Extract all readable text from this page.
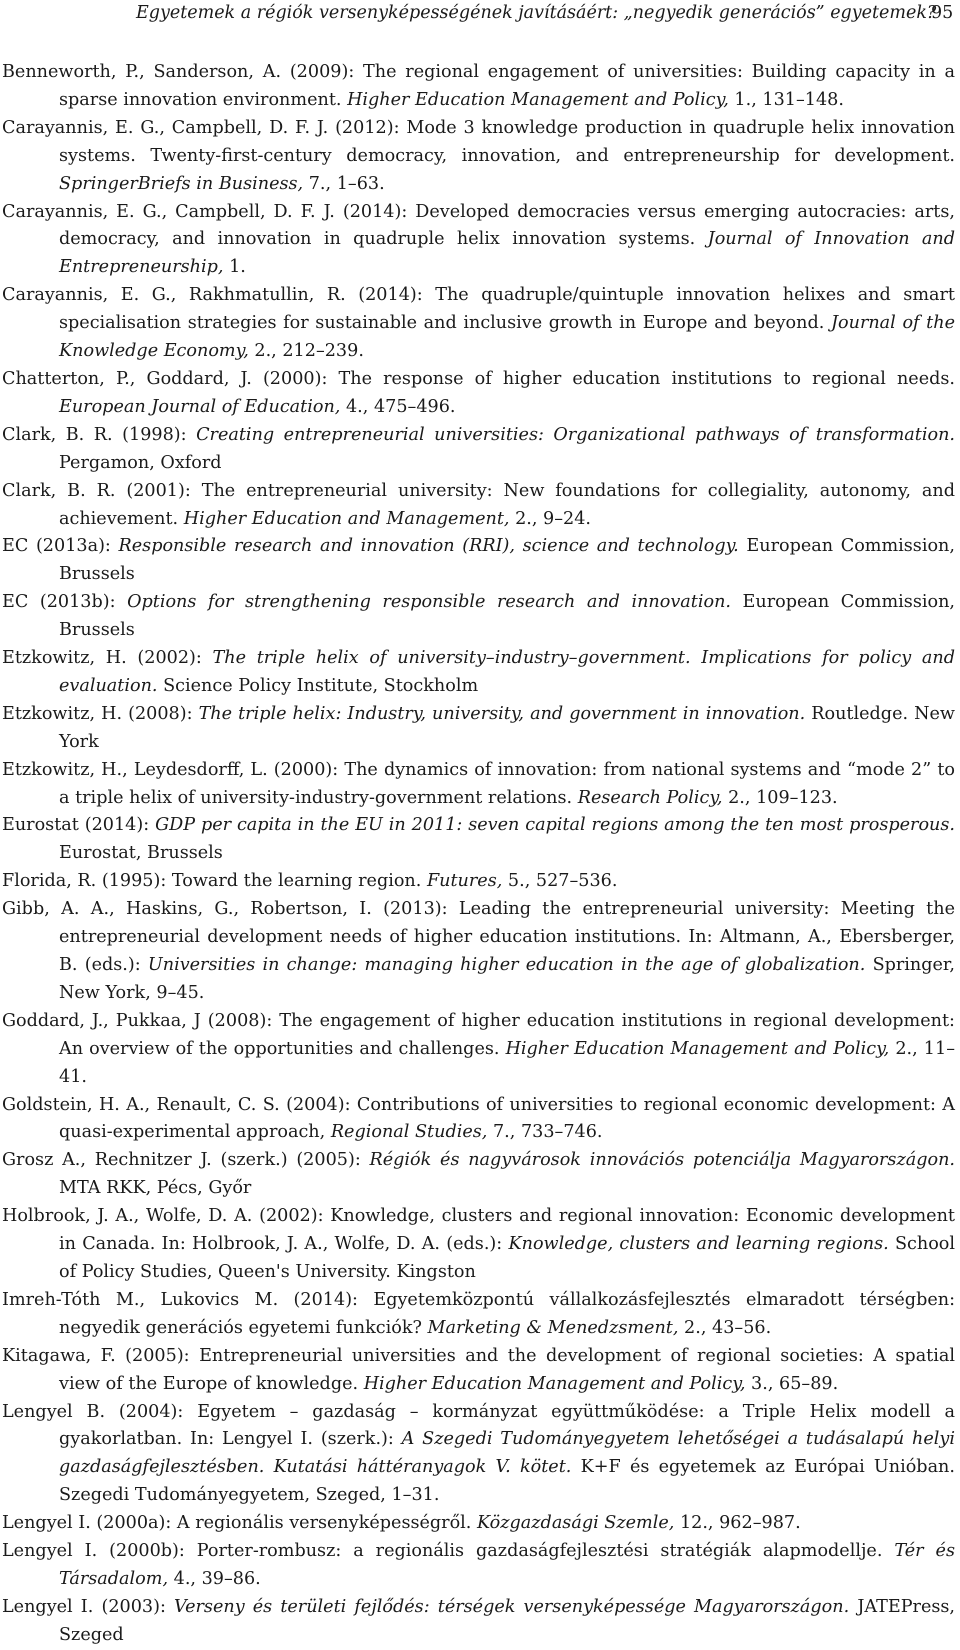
Egyetemek a régiók versenyképességének javításáért: „negyedik generációs” egyetemek?
95
Benneworth, P., Sanderson, A. (2009): The regional engagement of universities: Building capacity in a sparse innovation environment. Higher Education Management and Policy, 1., 131–148.
Carayannis, E. G., Campbell, D. F. J. (2012): Mode 3 knowledge production in quadruple helix innovation systems. Twenty-first-century democracy, innovation, and entrepreneurship for development. SpringerBriefs in Business, 7., 1–63.
Carayannis, E. G., Campbell, D. F. J. (2014): Developed democracies versus emerging autocracies: arts, democracy, and innovation in quadruple helix innovation systems. Journal of Innovation and Entrepreneurship, 1.
Carayannis, E. G., Rakhmatullin, R. (2014): The quadruple/quintuple innovation helixes and smart specialisation strategies for sustainable and inclusive growth in Europe and beyond. Journal of the Knowledge Economy, 2., 212–239.
Chatterton, P., Goddard, J. (2000): The response of higher education institutions to regional needs. European Journal of Education, 4., 475–496.
Clark, B. R. (1998): Creating entrepreneurial universities: Organizational pathways of transformation. Pergamon, Oxford
Clark, B. R. (2001): The entrepreneurial university: New foundations for collegiality, autonomy, and achievement. Higher Education and Management, 2., 9–24.
EC (2013a): Responsible research and innovation (RRI), science and technology. European Commission, Brussels
EC (2013b): Options for strengthening responsible research and innovation. European Commission, Brussels
Etzkowitz, H. (2002): The triple helix of university–industry–government. Implications for policy and evaluation. Science Policy Institute, Stockholm
Etzkowitz, H. (2008): The triple helix: Industry, university, and government in innovation. Routledge. New York
Etzkowitz, H., Leydesdorff, L. (2000): The dynamics of innovation: from national systems and “mode 2” to a triple helix of university-industry-government relations. Research Policy, 2., 109–123.
Eurostat (2014): GDP per capita in the EU in 2011: seven capital regions among the ten most prosperous. Eurostat, Brussels
Florida, R. (1995): Toward the learning region. Futures, 5., 527–536.
Gibb, A. A., Haskins, G., Robertson, I. (2013): Leading the entrepreneurial university: Meeting the entrepreneurial development needs of higher education institutions. In: Altmann, A., Ebersberger, B. (eds.): Universities in change: managing higher education in the age of globalization. Springer, New York, 9–45.
Goddard, J., Pukkaa, J (2008): The engagement of higher education institutions in regional development: An overview of the opportunities and challenges. Higher Education Management and Policy, 2., 11–41.
Goldstein, H. A., Renault, C. S. (2004): Contributions of universities to regional economic development: A quasi-experimental approach, Regional Studies, 7., 733–746.
Grosz A., Rechnitzer J. (szerk.) (2005): Régiók és nagyvárosok innovációs potenciálja Magyarországon. MTA RKK, Pécs, Győr
Holbrook, J. A., Wolfe, D. A. (2002): Knowledge, clusters and regional innovation: Economic development in Canada. In: Holbrook, J. A., Wolfe, D. A. (eds.): Knowledge, clusters and learning regions. School of Policy Studies, Queen's University. Kingston
Imreh-Tóth M., Lukovics M. (2014): Egyetemközpontú vállalkozásfejlesztés elmaradott térségben: negyedik generációs egyetemi funkciók? Marketing & Menedzsment, 2., 43–56.
Kitagawa, F. (2005): Entrepreneurial universities and the development of regional societies: A spatial view of the Europe of knowledge. Higher Education Management and Policy, 3., 65–89.
Lengyel B. (2004): Egyetem – gazdaság – kormányzat együttműködése: a Triple Helix modell a gyakorlatban. In: Lengyel I. (szerk.): A Szegedi Tudományegyetem lehetőségei a tudásalapú helyi gazdaságfejlesztésben. Kutatási háttéranyagok V. kötet. K+F és egyetemek az Európai Unióban. Szegedi Tudományegyetem, Szeged, 1–31.
Lengyel I. (2000a): A regionális versenyképességről. Közgazdasági Szemle, 12., 962–987.
Lengyel I. (2000b): Porter-rombusz: a regionális gazdaságfejlesztési stratégiák alapmodellje. Tér és Társadalom, 4., 39–86.
Lengyel I. (2003): Verseny és területi fejlődés: térségek versenyképessége Magyarországon. JATEPress, Szeged
